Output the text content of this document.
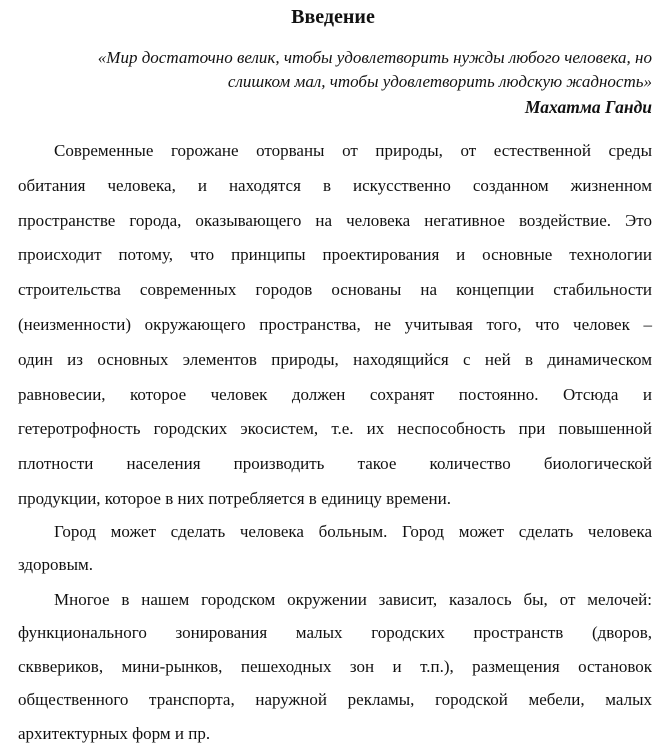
Введение
«Мир достаточно велик, чтобы удовлетворить нужды любого человека, но
слишком мал, чтобы удовлетворить людскую жадность»
Махатма Ганди
Современные горожане оторваны от природы, от естественной среды
обитания человека, и находятся в искусственно созданном жизненном
пространстве города, оказывающего на человека негативное воздействие. Это
происходит потому, что принципы проектирования и основные технологии
строительства современных городов основаны на концепции стабильности
(неизменности) окружающего пространства, не учитывая того, что человек –
один из основных элементов природы, находящийся с ней в динамическом
равновесии, которое человек должен сохранят постоянно. Отсюда и
гетеротрофность городских экосистем, т.е. их неспособность при повышенной
плотности населения производить такое количество биологической
продукции, которое в них потребляется в единицу времени.
Город может сделать человека больным. Город может сделать человека
здоровым.
Многое в нашем городском окружении зависит, казалось бы, от мелочей:
функционального зонирования малых городских пространств (дворов,
скввериков, мини-рынков, пешеходных зон и т.п.), размещения остановок
общественного транспорта, наружной рекламы, городской мебели, малых
архитектурных форм и пр.
